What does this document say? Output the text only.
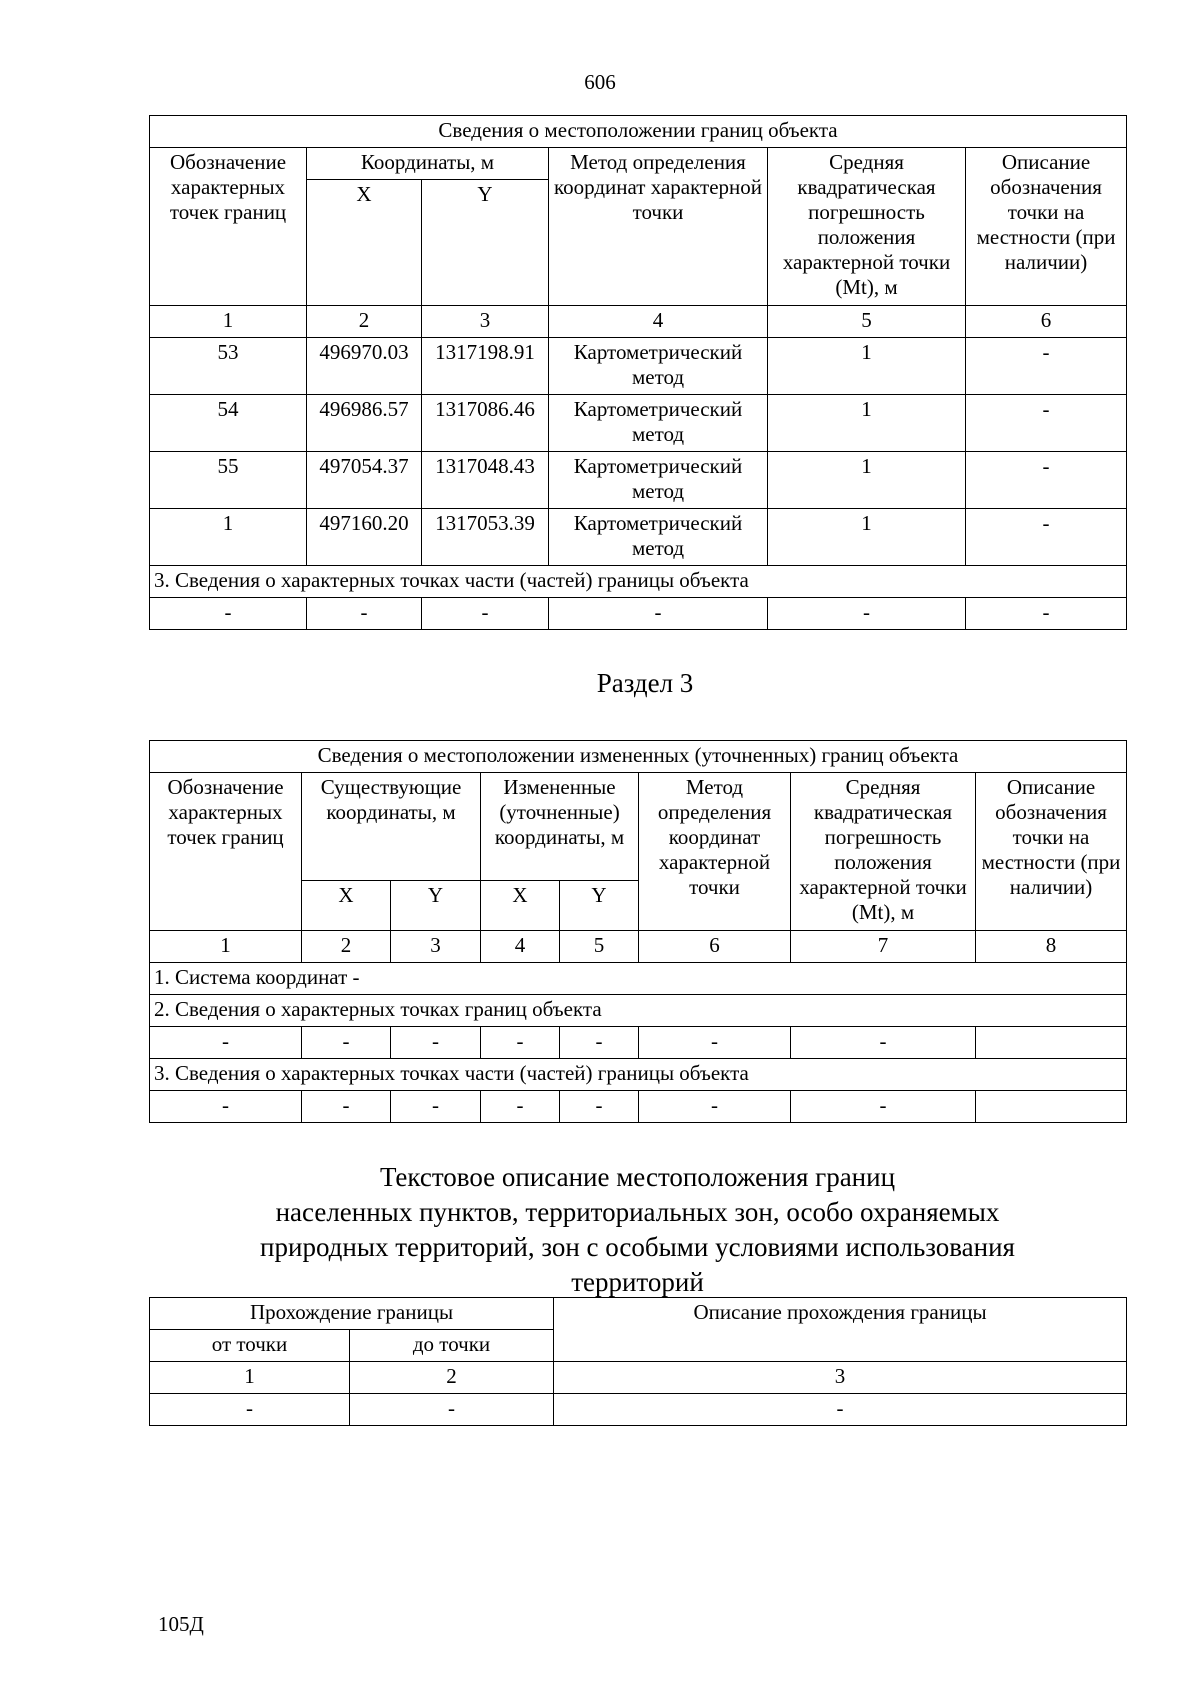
606
Сведения о местоположении границ объекта					
Обозначение характерных точек границ	Координаты, м		Метод определения координат характерной точки	Средняя квадратическая погрешность положения характерной точки (Mt), м	Описание обозначения точки на местности (при наличии)
	X	Y			
1	2	3	4	5	6
53	496970.03	1317198.91	Картометрический метод	1	-
54	496986.57	1317086.46	Картометрический метод	1	-
55	497054.37	1317048.43	Картометрический метод	1	-
1	497160.20	1317053.39	Картометрический метод	1	-
3. Сведения о характерных точках части (частей) границы объекта					
-	-	-	-	-	-
Раздел 3
Сведения о местоположении измененных (уточненных) границ объекта							
Обозначение характерных точек границ	Существующие координаты, м		Измененные (уточненные) координаты, м		Метод определения координат характерной точки	Средняя квадратическая погрешность положения характерной точки (Mt), м	Описание обозначения точки на местности (при наличии)
	X	Y	X	Y			
1	2	3	4	5	6	7	8
1. Система координат -							
2. Сведения о характерных точках границ объекта							
-	-	-	-	-	-	-	
3. Сведения о характерных точках части (частей) границы объекта							
-	-	-	-	-	-	-	
Текстовое описание местоположения границ
населенных пунктов, территориальных зон, особо охраняемых
природных территорий, зон с особыми условиями использования
территорий
Прохождение границы		Описание прохождения границы
от точки	до точки	
1	2	3
-	-	-
105Д
